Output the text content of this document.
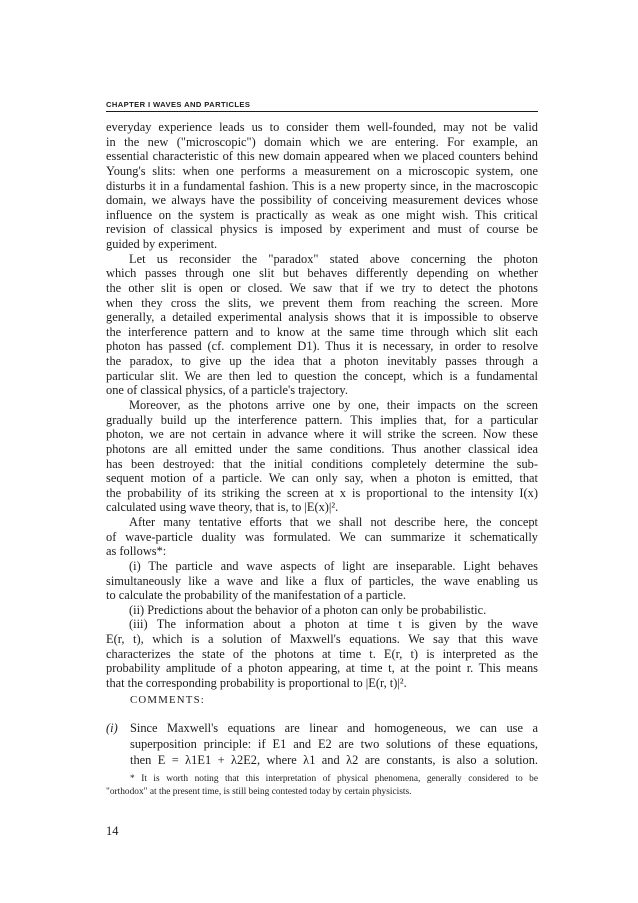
CHAPTER I WAVES AND PARTICLES
everyday experience leads us to consider them well-founded, may not be valid
in the new ("microscopic") domain which we are entering. For example, an
essential characteristic of this new domain appeared when we placed counters behind
Young's slits: when one performs a measurement on a microscopic system, one
disturbs it in a fundamental fashion. This is a new property since, in the macroscopic
domain, we always have the possibility of conceiving measurement devices whose
influence on the system is practically as weak as one might wish. This critical
revision of classical physics is imposed by experiment and must of course be
guided by experiment.
Let us reconsider the "paradox" stated above concerning the photon
which passes through one slit but behaves differently depending on whether
the other slit is open or closed. We saw that if we try to detect the photons
when they cross the slits, we prevent them from reaching the screen. More
generally, a detailed experimental analysis shows that it is impossible to observe
the interference pattern and to know at the same time through which slit each
photon has passed (cf. complement D1). Thus it is necessary, in order to resolve
the paradox, to give up the idea that a photon inevitably passes through a
particular slit. We are then led to question the concept, which is a fundamental
one of classical physics, of a particle's trajectory.
Moreover, as the photons arrive one by one, their impacts on the screen
gradually build up the interference pattern. This implies that, for a particular
photon, we are not certain in advance where it will strike the screen. Now these
photons are all emitted under the same conditions. Thus another classical idea
has been destroyed: that the initial conditions completely determine the sub-
sequent motion of a particle. We can only say, when a photon is emitted, that
the probability of its striking the screen at x is proportional to the intensity I(x)
calculated using wave theory, that is, to |E(x)|².
After many tentative efforts that we shall not describe here, the concept
of wave-particle duality was formulated. We can summarize it schematically
as follows*:
(i) The particle and wave aspects of light are inseparable. Light behaves
simultaneously like a wave and like a flux of particles, the wave enabling us
to calculate the probability of the manifestation of a particle.
(ii) Predictions about the behavior of a photon can only be probabilistic.
(iii) The information about a photon at time t is given by the wave
E(r, t), which is a solution of Maxwell's equations. We say that this wave
characterizes the state of the photons at time t. E(r, t) is interpreted as the
probability amplitude of a photon appearing, at time t, at the point r. This means
that the corresponding probability is proportional to |E(r, t)|².
COMMENTS:
(i) Since Maxwell's equations are linear and homogeneous, we can use a
superposition principle: if E1 and E2 are two solutions of these equations,
then E = λ1E1 + λ2E2, where λ1 and λ2 are constants, is also a solution.
* It is worth noting that this interpretation of physical phenomena, generally considered to be
"orthodox" at the present time, is still being contested today by certain physicists.
14
